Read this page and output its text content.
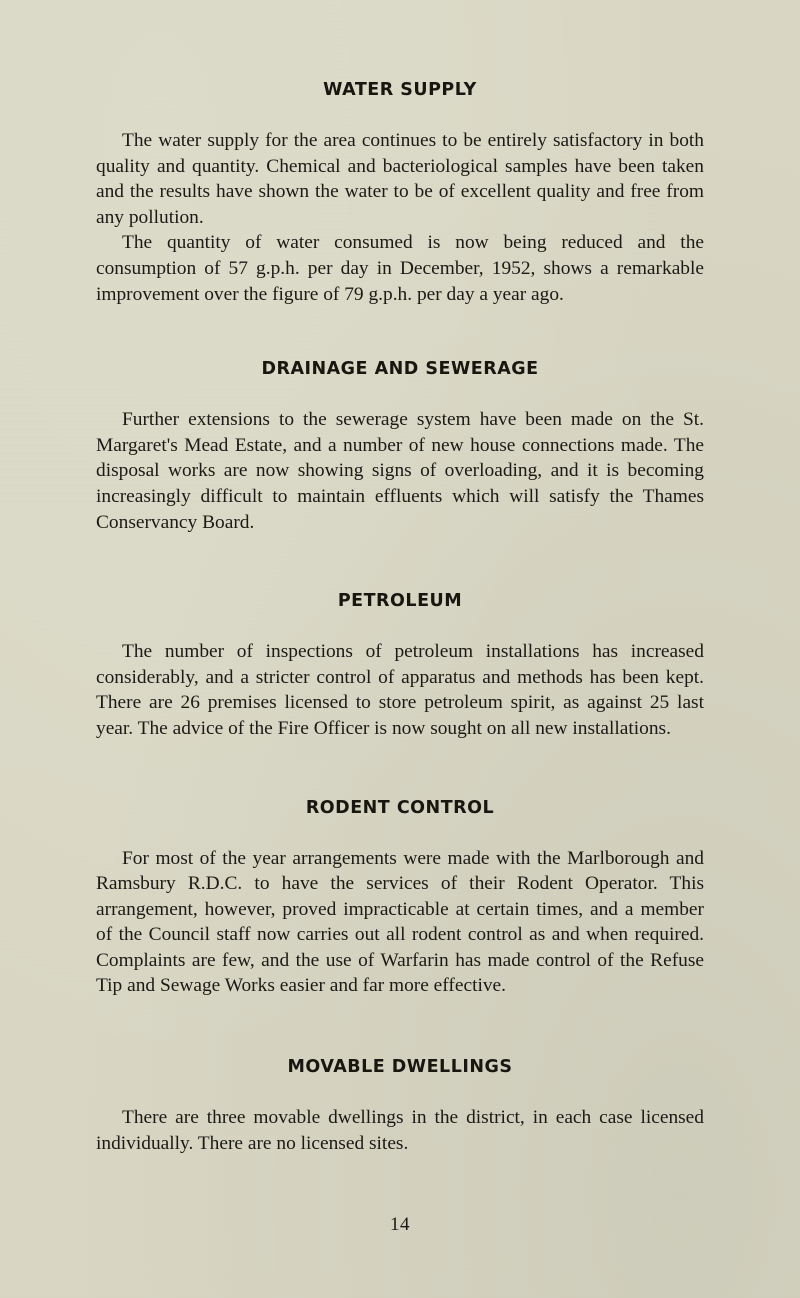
WATER SUPPLY

The water supply for the area continues to be entirely satisfactory in both quality and quantity. Chemical and bacteriological samples have been taken and the results have shown the water to be of excellent quality and free from any pollution.

The quantity of water consumed is now being reduced and the consumption of 57 g.p.h. per day in December, 1952, shows a remarkable improvement over the figure of 79 g.p.h. per day a year ago.

DRAINAGE AND SEWERAGE

Further extensions to the sewerage system have been made on the St. Margaret's Mead Estate, and a number of new house connections made. The disposal works are now showing signs of overloading, and it is becoming increasingly difficult to maintain effluents which will satisfy the Thames Conservancy Board.

PETROLEUM

The number of inspections of petroleum installations has increased considerably, and a stricter control of apparatus and methods has been kept. There are 26 premises licensed to store petroleum spirit, as against 25 last year. The advice of the Fire Officer is now sought on all new installations.

RODENT CONTROL

For most of the year arrangements were made with the Marlborough and Ramsbury R.D.C. to have the services of their Rodent Operator. This arrangement, however, proved impracticable at certain times, and a member of the Council staff now carries out all rodent control as and when required. Complaints are few, and the use of Warfarin has made control of the Refuse Tip and Sewage Works easier and far more effective.

MOVABLE DWELLINGS

There are three movable dwellings in the district, in each case licensed individually. There are no licensed sites.

14
